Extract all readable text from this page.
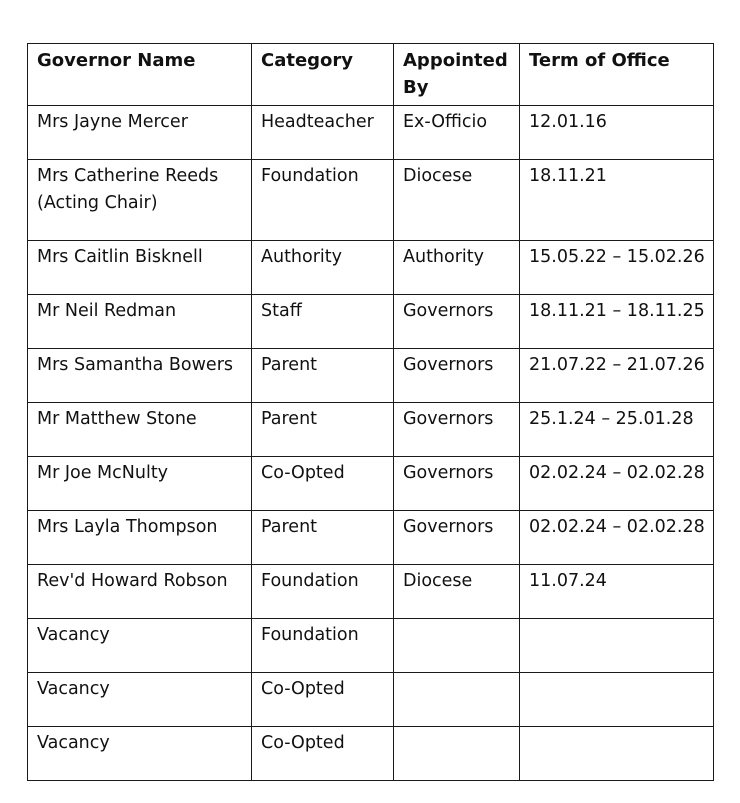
Governor Name	Category	Appointed By	Term of Office
Mrs Jayne Mercer	Headteacher	Ex-Officio	12.01.16
Mrs Catherine Reeds (Acting Chair)	Foundation	Diocese	18.11.21
Mrs Caitlin Bisknell	Authority	Authority	15.05.22 – 15.02.26
Mr Neil Redman	Staff	Governors	18.11.21 – 18.11.25
Mrs Samantha Bowers	Parent	Governors	21.07.22 – 21.07.26
Mr Matthew Stone	Parent	Governors	25.1.24 – 25.01.28
Mr Joe McNulty	Co-Opted	Governors	02.02.24 – 02.02.28
Mrs Layla Thompson	Parent	Governors	02.02.24 – 02.02.28
Rev'd Howard Robson	Foundation	Diocese	11.07.24
Vacancy	Foundation		
Vacancy	Co-Opted		
Vacancy	Co-Opted		
